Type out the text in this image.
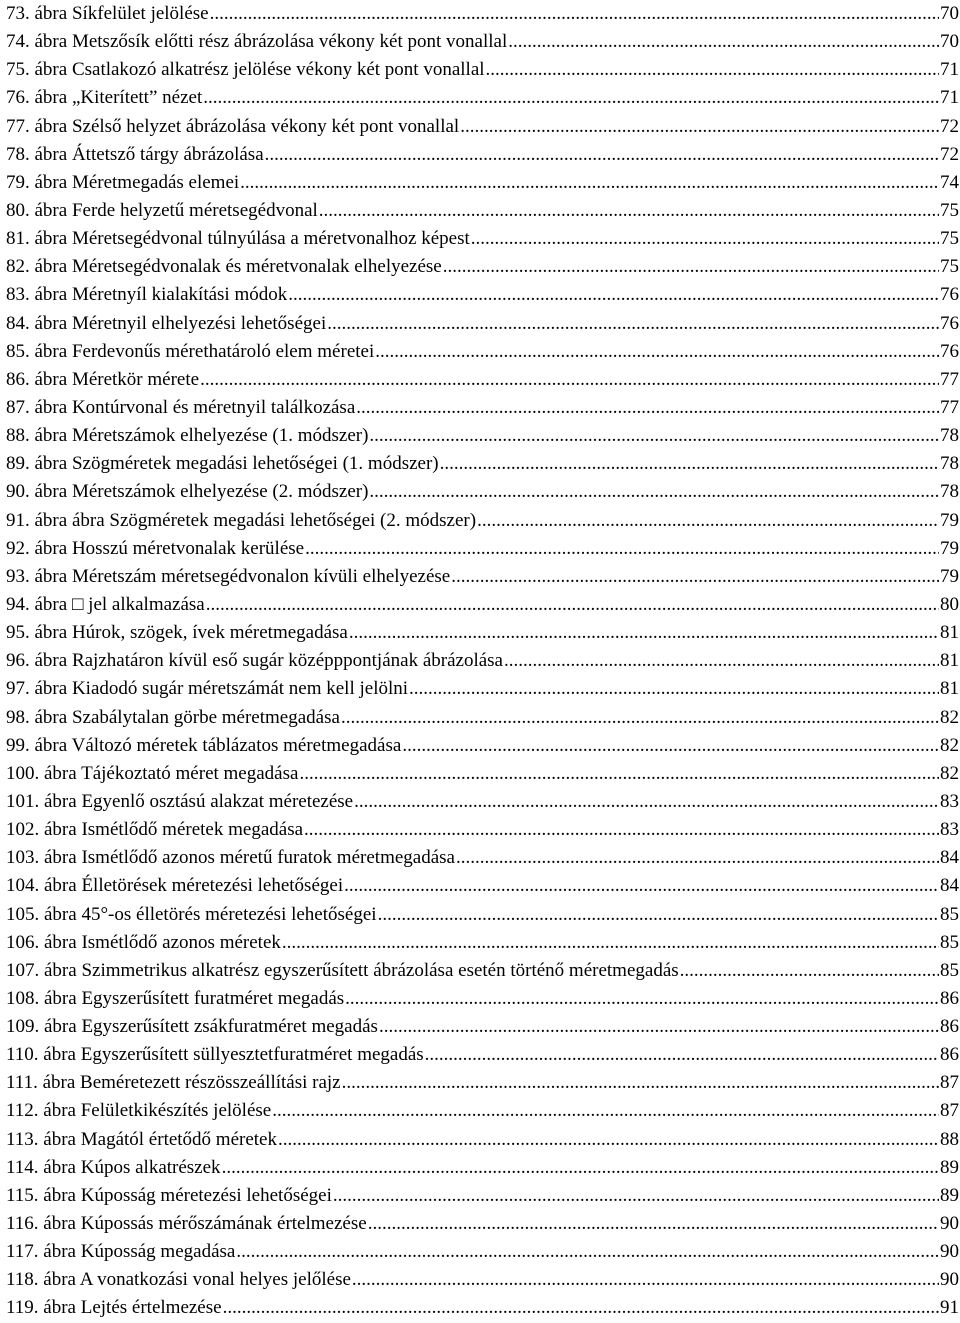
73. ábra Síkfelület jelölése .....	70
74. ábra Metszősík előtti rész ábrázolása vékony két pont vonallal .....	70
75. ábra Csatlakozó alkatrész jelölése vékony két pont vonallal .....	71
76. ábra „Kiterített” nézet .....	71
77. ábra Szélső helyzet ábrázolása vékony két pont vonallal .....	72
78. ábra Áttetsző tárgy ábrázolása .....	72
79. ábra Méretmegadás elemei .....	74
80. ábra Ferde helyzetű méretsegédvonal .....	75
81. ábra Méretsegédvonal túlnyúlása a méretvonalhoz képest .....	75
82. ábra Méretsegédvonalak és méretvonalak elhelyezése .....	75
83. ábra Méretnyíl kialakítási módok .....	76
84. ábra Méretnyil elhelyezési lehetőségei .....	76
85. ábra Ferdevonűs mérethatároló elem méretei .....	76
86. ábra Méretkör mérete .....	77
87. ábra Kontúrvonal és méretnyil találkozása .....	77
88. ábra Méretszámok elhelyezése (1. módszer) .....	78
89. ábra Szögméretek megadási lehetőségei (1. módszer) .....	78
90. ábra Méretszámok elhelyezése (2. módszer) .....	78
91. ábra ábra Szögméretek megadási lehetőségei (2. módszer) .....	79
92. ábra Hosszú méretvonalak kerülése .....	79
93. ábra Méretszám méretsegédvonalon kívüli elhelyezése .....	79
94. ábra □ jel alkalmazása .....	80
95. ábra Húrok, szögek, ívek méretmegadása .....	81
96. ábra Rajzhatáron kívül eső sugár középppontjának ábrázolása .....	81
97. ábra Kiadodó sugár méretszámát nem kell jelölni .....	81
98. ábra Szabálytalan görbe méretmegadása .....	82
99. ábra Változó méretek táblázatos méretmegadása .....	82
100. ábra Tájékoztató méret megadása .....	82
101. ábra Egyenlő osztású alakzat méretezése .....	83
102. ábra Ismétlődő méretek megadása .....	83
103. ábra Ismétlődő azonos méretű furatok méretmegadása .....	84
104. ábra Élletörések méretezési lehetőségei .....	84
105. ábra 45°-os élletörés méretezési lehetőségei .....	85
106. ábra Ismétlődő azonos méretek .....	85
107. ábra Szimmetrikus alkatrész egyszerűsített ábrázolása esetén történő méretmegadás .....	85
108. ábra Egyszerűsített furatméret megadás .....	86
109. ábra Egyszerűsített zsákfuratméret megadás .....	86
110. ábra Egyszerűsített süllyesztetfuratméret megadás .....	86
111. ábra Beméretezett részösszeállítási rajz .....	87
112. ábra Felületkikészítés jelölése .....	87
113. ábra Magától értetődő méretek .....	88
114. ábra Kúpos alkatrészek .....	89
115. ábra Kúposság méretezési lehetőségei .....	89
116. ábra Kúpossás mérőszámának értelmezése .....	90
117. ábra Kúposság megadása .....	90
118. ábra A vonatkozási vonal helyes jelőlése .....	90
119. ábra Lejtés értelmezése .....	91
